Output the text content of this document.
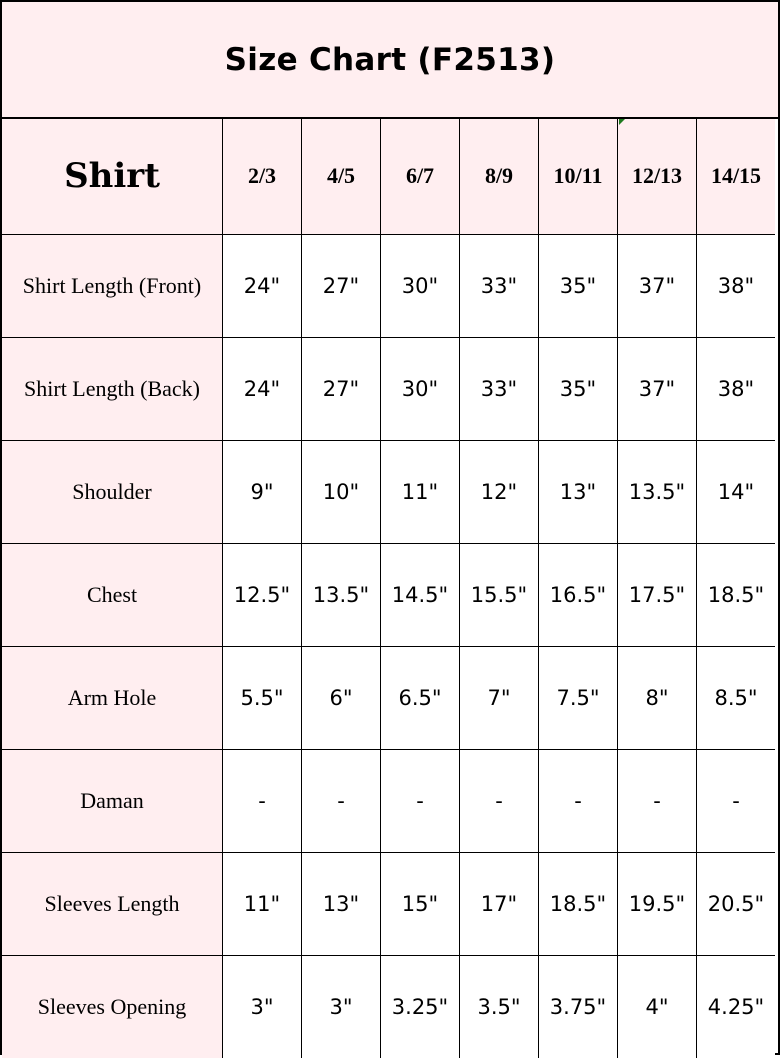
Size Chart (F2513)
Shirt	2/3	4/5	6/7	8/9	10/11	12/13	14/15
Shirt Length (Front)	24"	27"	30"	33"	35"	37"	38"
Shirt Length (Back)	24"	27"	30"	33"	35"	37"	38"
Shoulder	9"	10"	11"	12"	13"	13.5"	14"
Chest	12.5"	13.5"	14.5"	15.5"	16.5"	17.5"	18.5"
Arm Hole	5.5"	6"	6.5"	7"	7.5"	8"	8.5"
Daman	-	-	-	-	-	-	-
Sleeves Length	11"	13"	15"	17"	18.5"	19.5"	20.5"
Sleeves Opening	3"	3"	3.25"	3.5"	3.75"	4"	4.25"
